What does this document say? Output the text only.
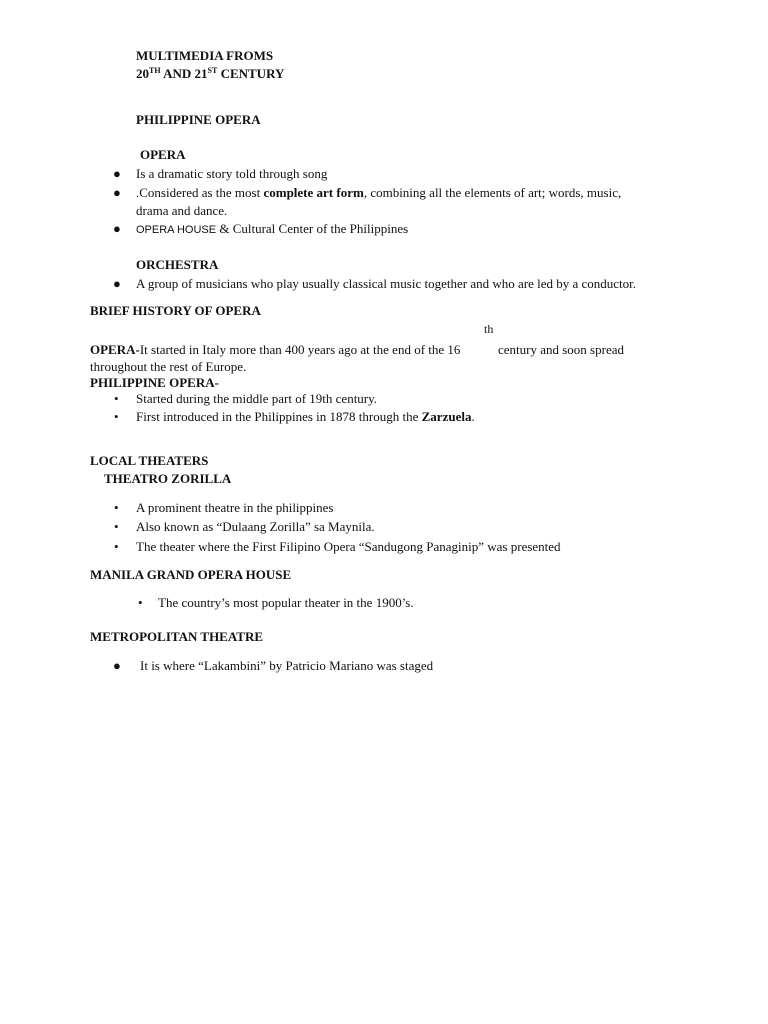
MULTIMEDIA FROMS
20TH AND 21ST CENTURY
PHILIPPINE OPERA
OPERA
● Is a dramatic story told through song
● .Considered as the most complete art form, combining all the elements of art; words, music,
drama and dance.
● OPERA HOUSE & Cultural Center of the Philippines
ORCHESTRA
● A group of musicians who play usually classical music together and who are led by a conductor.
BRIEF HISTORY OF OPERA
th
OPERA-It started in Italy more than 400 years ago at the end of the 16	century and soon spread
throughout the rest of Europe.
PHILIPPINE OPERA-
• Started during the middle part of 19th century.
• First introduced in the Philippines in 1878 through the Zarzuela.
LOCAL THEATERS
THEATRO ZORILLA
• A prominent theatre in the philippines
• Also known as “Dulaang Zorilla” sa Maynila.
• The theater where the First Filipino Opera “Sandugong Panaginip” was presented
MANILA GRAND OPERA HOUSE
• The country’s most popular theater in the 1900’s.
METROPOLITAN THEATRE
● It is where “Lakambini” by Patricio Mariano was staged
